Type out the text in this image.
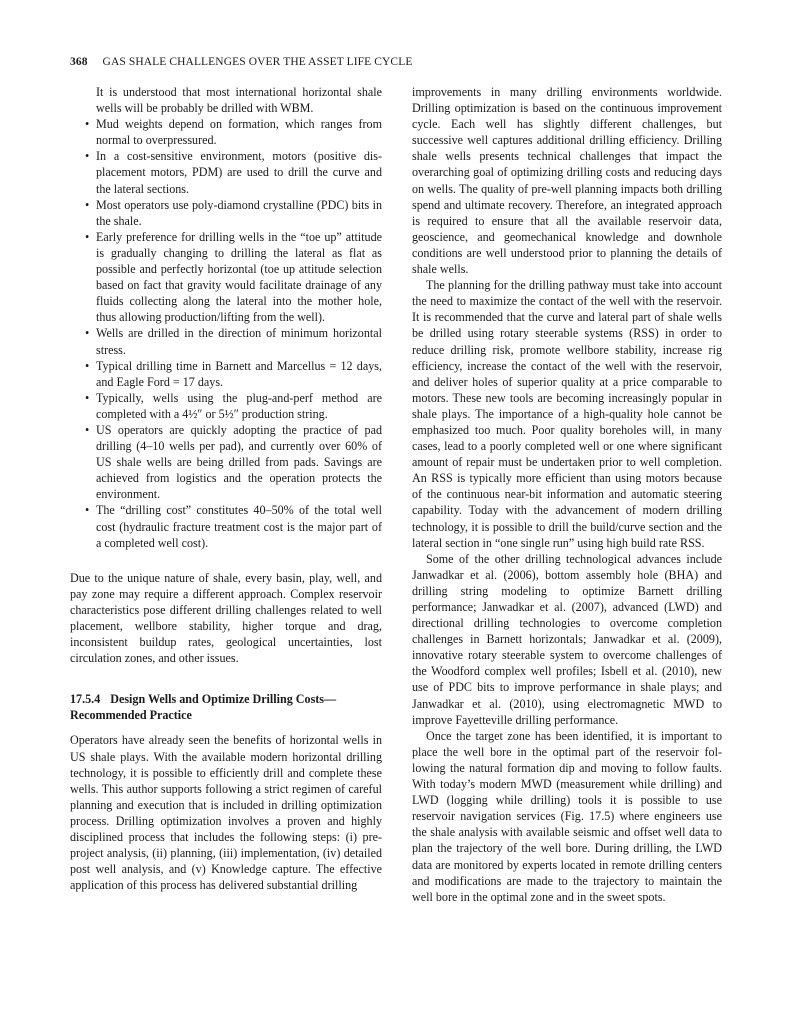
368 GAS SHALE CHALLENGES OVER THE ASSET LIFE CYCLE

It is understood that most international horizontal shale wells will be probably be drilled with WBM.

• Mud weights depend on formation, which ranges from normal to overpressured.
• In a cost-sensitive environment, motors (positive displacement motors, PDM) are used to drill the curve and the lateral sections.
• Most operators use poly-diamond crystalline (PDC) bits in the shale.
• Early preference for drilling wells in the “toe up” attitude is gradually changing to drilling the lateral as flat as possible and perfectly horizontal (toe up attitude selection based on fact that gravity would facilitate drainage of any fluids collecting along the lateral into the mother hole, thus allowing production/lifting from the well).
• Wells are drilled in the direction of minimum horizontal stress.
• Typical drilling time in Barnett and Marcellus = 12 days, and Eagle Ford = 17 days.
• Typically, wells using the plug-and-perf method are completed with a 4½″ or 5½″ production string.
• US operators are quickly adopting the practice of pad drilling (4–10 wells per pad), and currently over 60% of US shale wells are being drilled from pads. Savings are achieved from logistics and the operation protects the environment.
• The “drilling cost” constitutes 40–50% of the total well cost (hydraulic fracture treatment cost is the major part of a completed well cost).

Due to the unique nature of shale, every basin, play, well, and pay zone may require a different approach. Complex reservoir characteristics pose different drilling challenges related to well placement, wellbore stability, higher torque and drag, inconsistent buildup rates, geological uncertainties, lost circulation zones, and other issues.

17.5.4 Design Wells and Optimize Drilling Costs—Recommended Practice

Operators have already seen the benefits of horizontal wells in US shale plays. With the available modern horizontal drilling technology, it is possible to efficiently drill and complete these wells. This author supports following a strict regimen of careful planning and execution that is included in drilling optimization process. Drilling optimization involves a proven and highly disciplined process that includes the following steps: (i) pre-project analysis, (ii) planning, (iii) implementation, (iv) detailed post well analysis, and (v) Knowledge capture. The effective application of this process has delivered substantial drilling

improvements in many drilling environments worldwide. Drilling optimization is based on the continuous improvement cycle. Each well has slightly different challenges, but successive well captures additional drilling efficiency. Drilling shale wells presents technical challenges that impact the overarching goal of optimizing drilling costs and reducing days on wells. The quality of pre-well planning impacts both drilling spend and ultimate recovery. Therefore, an integrated approach is required to ensure that all the available reservoir data, geoscience, and geomechanical knowledge and downhole conditions are well understood prior to planning the details of shale wells.

The planning for the drilling pathway must take into account the need to maximize the contact of the well with the reservoir. It is recommended that the curve and lateral part of shale wells be drilled using rotary steerable systems (RSS) in order to reduce drilling risk, promote wellbore stability, increase rig efficiency, increase the contact of the well with the reservoir, and deliver holes of superior quality at a price comparable to motors. These new tools are becoming increasingly popular in shale plays. The importance of a high-quality hole cannot be emphasized too much. Poor quality boreholes will, in many cases, lead to a poorly completed well or one where significant amount of repair must be undertaken prior to well completion. An RSS is typically more efficient than using motors because of the continuous near-bit information and automatic steering capability. Today with the advancement of modern drilling technology, it is possible to drill the build/curve section and the lateral section in “one single run” using high build rate RSS.

Some of the other drilling technological advances include Janwadkar et al. (2006), bottom assembly hole (BHA) and drilling string modeling to optimize Barnett drilling performance; Janwadkar et al. (2007), advanced (LWD) and directional drilling technologies to overcome completion challenges in Barnett horizontals; Janwadkar et al. (2009), innovative rotary steerable system to overcome challenges of the Woodford complex well profiles; Isbell et al. (2010), new use of PDC bits to improve performance in shale plays; and Janwadkar et al. (2010), using electromagnetic MWD to improve Fayetteville drilling performance.

Once the target zone has been identified, it is important to place the well bore in the optimal part of the reservoir following the natural formation dip and moving to follow faults. With today’s modern MWD (measurement while drilling) and LWD (logging while drilling) tools it is possible to use reservoir navigation services (Fig. 17.5) where engineers use the shale analysis with available seismic and offset well data to plan the trajectory of the well bore. During drilling, the LWD data are monitored by experts located in remote drilling centers and modifications are made to the trajectory to maintain the well bore in the optimal zone and in the sweet spots.
